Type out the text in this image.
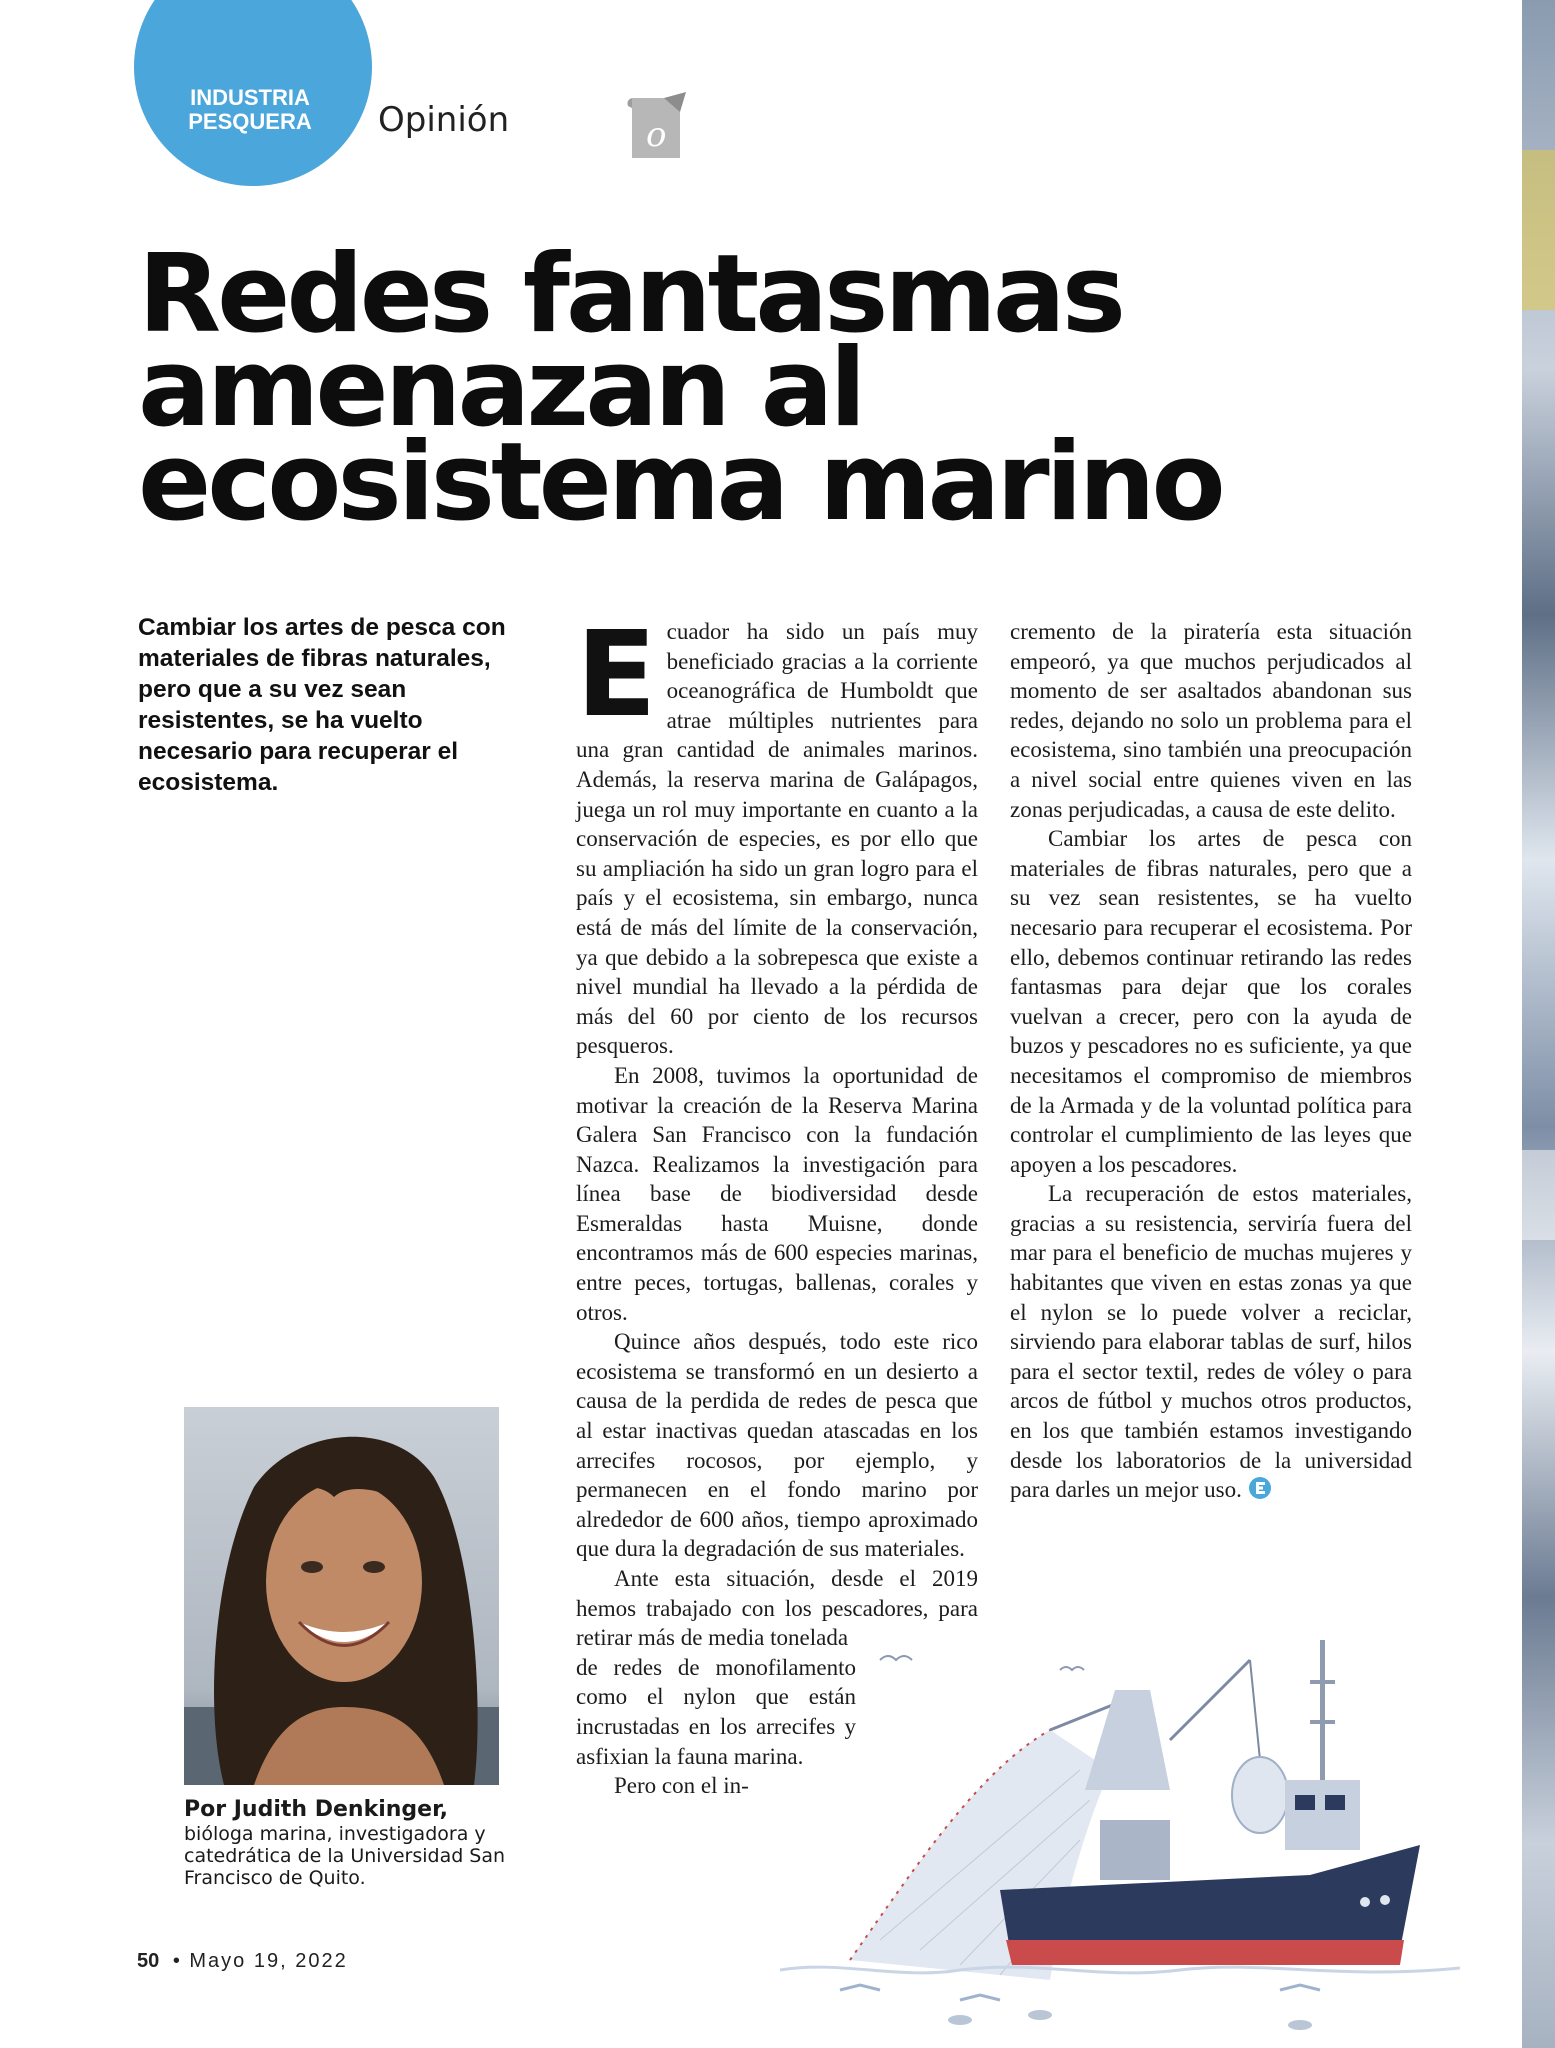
INDUSTRIA
PESQUERA Opinión	o
Redes fantasmas
amenazan al
ecosistema marino
Cambiar los artes de pesca con materiales de fibras naturales, pero que a su vez sean resistentes, se ha vuelto necesario para recuperar el ecosistema.

Ecuador ha sido un país muy beneficiado gracias a la corriente oceanográfica de Humboldt que atrae múltiples nutrientes para una gran cantidad de animales marinos. Además, la reserva marina de Galápagos, juega un rol muy importante en cuanto a la conservación de especies, es por ello que su ampliación ha sido un gran logro para el país y el ecosistema, sin embargo, nunca está de más del límite de la conservación, ya que debido a la sobrepesca que existe a nivel mundial ha llevado a la pérdida de más del 60 por ciento de los recursos pesqueros.

En 2008, tuvimos la oportunidad de motivar la creación de la Reserva Marina Galera San Francisco con la fundación Nazca. Realizamos la investigación para línea base de biodiversidad desde Esmeraldas hasta Muisne, donde encontramos más de 600 especies marinas, entre peces, tortugas, ballenas, corales y otros.

Quince años después, todo este rico ecosistema se transformó en un desierto a causa de la perdida de redes de pesca que al estar inactivas quedan atascadas en los arrecifes rocosos, por ejemplo, y permanecen en el fondo marino por alrededor de 600 años, tiempo aproximado que dura la degradación de sus materiales.

Ante esta situación, desde el 2019 hemos trabajado con los pescadores, para retirar más de media tonelada

de redes de monofilamento como el nylon que están incrustadas en los arrecifes y asfixian la fauna marina.

Pero con el in-

cremento de la piratería esta situación empeoró, ya que muchos perjudicados al momento de ser asaltados abandonan sus redes, dejando no solo un problema para el ecosistema, sino también una preocupación a nivel social entre quienes viven en las zonas perjudicadas, a causa de este delito.

Cambiar los artes de pesca con materiales de fibras naturales, pero que a su vez sean resistentes, se ha vuelto necesario para recuperar el ecosistema. Por ello, debemos continuar retirando las redes fantasmas para dejar que los corales vuelvan a crecer, pero con la ayuda de buzos y pescadores no es suficiente, ya que necesitamos el compromiso de miembros de la Armada y de la voluntad política para controlar el cumplimiento de las leyes que apoyen a los pescadores.

La recuperación de estos materiales, gracias a su resistencia, serviría fuera del mar para el beneficio de muchas mujeres y habitantes que viven en estas zonas ya que el nylon se lo puede volver a reciclar, sirviendo para elaborar tablas de surf, hilos para el sector textil, redes de vóley o para arcos de fútbol y muchos otros productos, en los que también estamos investigando desde los laboratorios de la universidad para darles un mejor uso.

Por Judith Denkinger,
bióloga marina, investigadora y catedrática de la Universidad San Francisco de Quito.
50 • Mayo 19, 2022
